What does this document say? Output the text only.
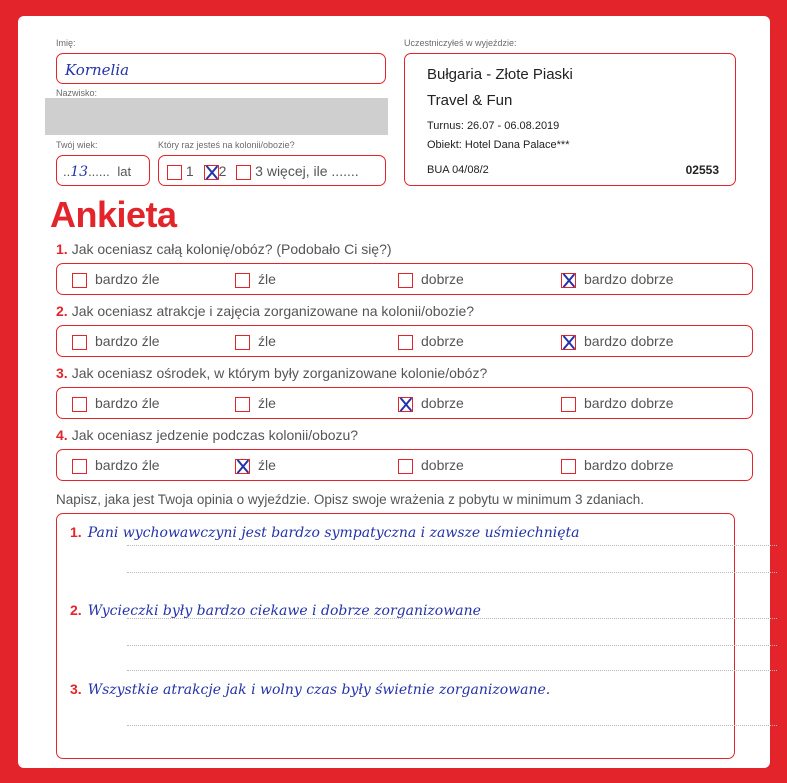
Imię:
Kornelia
Nazwisko:
Twój wiek:
..13...... lat
Który raz jesteś na kolonii/obozie?
1 2 3 więcej, ile .......
Uczestniczyłeś w wyjeździe:
Bułgaria - Złote Piaski
Travel & Fun
Turnus: 26.07 - 06.08.2019
Obiekt: Hotel Dana Palace***
BUA 04/08/2	02553
Ankieta
1. Jak oceniasz całą kolonię/obóz? (Podobało Ci się?)
bardzo źle	źle	dobrze	bardzo dobrze
2. Jak oceniasz atrakcje i zajęcia zorganizowane na kolonii/obozie?
bardzo źle	źle	dobrze	bardzo dobrze
3. Jak oceniasz ośrodek, w którym były zorganizowane kolonie/obóz?
bardzo źle	źle	dobrze	bardzo dobrze
4. Jak oceniasz jedzenie podczas kolonii/obozu?
bardzo źle	źle	dobrze	bardzo dobrze
Napisz, jaka jest Twoja opinia o wyjeździe. Opisz swoje wrażenia z pobytu w minimum 3 zdaniach.
1. Pani wychowawczyni jest bardzo sympatyczna i zawsze uśmiechnięta
2. Wycieczki były bardzo ciekawe i dobrze zorganizowane
3. Wszystkie atrakcje jak i wolny czas były świetnie zorganizowane.
